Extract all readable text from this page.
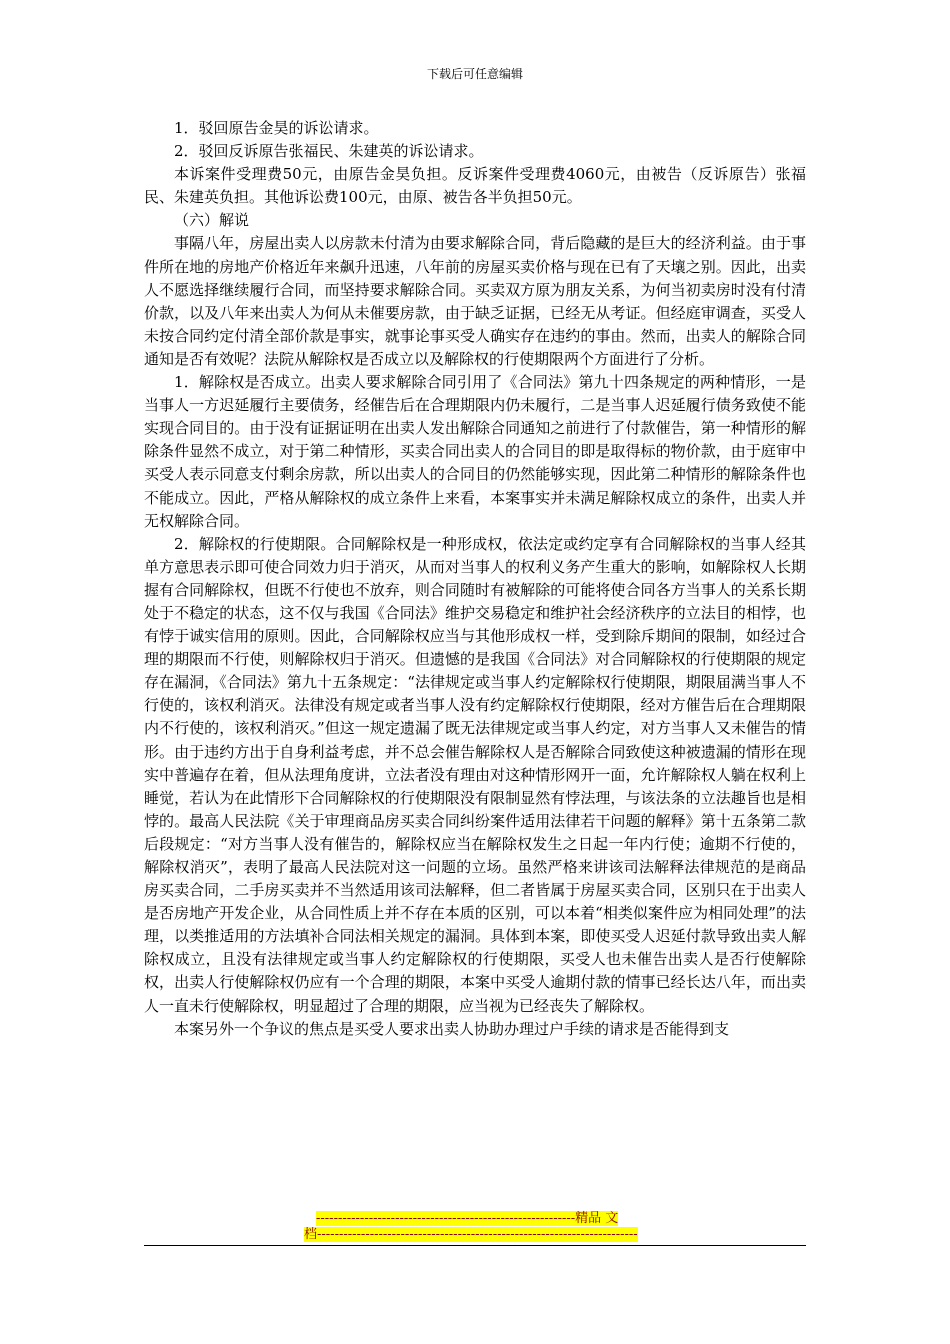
下载后可任意编辑

1．驳回原告金昊的诉讼请求。

2．驳回反诉原告张福民、朱建英的诉讼请求。

本诉案件受理费50元，由原告金昊负担。反诉案件受理费4060元，由被告（反诉原告）张福民、朱建英负担。其他诉讼费100元，由原、被告各半负担50元。

（六）解说

事隔八年，房屋出卖人以房款未付清为由要求解除合同，背后隐藏的是巨大的经济利益。由于事件所在地的房地产价格近年来飙升迅速，八年前的房屋买卖价格与现在已有了天壤之别。因此，出卖人不愿选择继续履行合同，而坚持要求解除合同。买卖双方原为朋友关系，为何当初卖房时没有付清价款，以及八年来出卖人为何从未催要房款，由于缺乏证据，已经无从考证。但经庭审调查，买受人未按合同约定付清全部价款是事实，就事论事买受人确实存在违约的事由。然而，出卖人的解除合同通知是否有效呢？法院从解除权是否成立以及解除权的行使期限两个方面进行了分析。

1．解除权是否成立。出卖人要求解除合同引用了《合同法》第九十四条规定的两种情形，一是当事人一方迟延履行主要债务，经催告后在合理期限内仍未履行，二是当事人迟延履行债务致使不能实现合同目的。由于没有证据证明在出卖人发出解除合同通知之前进行了付款催告，第一种情形的解除条件显然不成立，对于第二种情形，买卖合同出卖人的合同目的即是取得标的物价款，由于庭审中买受人表示同意支付剩余房款，所以出卖人的合同目的仍然能够实现，因此第二种情形的解除条件也不能成立。因此，严格从解除权的成立条件上来看，本案事实并未满足解除权成立的条件，出卖人并无权解除合同。

2．解除权的行使期限。合同解除权是一种形成权，依法定或约定享有合同解除权的当事人经其单方意思表示即可使合同效力归于消灭，从而对当事人的权利义务产生重大的影响，如解除权人长期握有合同解除权，但既不行使也不放弃，则合同随时有被解除的可能将使合同各方当事人的关系长期处于不稳定的状态，这不仅与我国《合同法》维护交易稳定和维护社会经济秩序的立法目的相悖，也有悖于诚实信用的原则。因此，合同解除权应当与其他形成权一样，受到除斥期间的限制，如经过合理的期限而不行使，则解除权归于消灭。但遗憾的是我国《合同法》对合同解除权的行使期限的规定存在漏洞，《合同法》第九十五条规定：“法律规定或当事人约定解除权行使期限，期限届满当事人不行使的，该权利消灭。法律没有规定或者当事人没有约定解除权行使期限，经对方催告后在合理期限内不行使的，该权利消灭。”但这一规定遗漏了既无法律规定或当事人约定，对方当事人又未催告的情形。由于违约方出于自身利益考虑，并不总会催告解除权人是否解除合同致使这种被遗漏的情形在现实中普遍存在着，但从法理角度讲，立法者没有理由对这种情形网开一面，允许解除权人躺在权利上睡觉，若认为在此情形下合同解除权的行使期限没有限制显然有悖法理，与该法条的立法趣旨也是相悖的。最高人民法院《关于审理商品房买卖合同纠纷案件适用法律若干问题的解释》第十五条第二款后段规定：“对方当事人没有催告的，解除权应当在解除权发生之日起一年内行使；逾期不行使的，解除权消灭”，表明了最高人民法院对这一问题的立场。虽然严格来讲该司法解释法律规范的是商品房买卖合同，二手房买卖并不当然适用该司法解释，但二者皆属于房屋买卖合同，区别只在于出卖人是否房地产开发企业，从合同性质上并不存在本质的区别，可以本着“相类似案件应为相同处理”的法理，以类推适用的方法填补合同法相关规定的漏洞。具体到本案，即使买受人迟延付款导致出卖人解除权成立，且没有法律规定或当事人约定解除权的行使期限，买受人也未催告出卖人是否行使解除权，出卖人行使解除权仍应有一个合理的期限，本案中买受人逾期付款的情事已经长达八年，而出卖人一直未行使解除权，明显超过了合理的期限，应当视为已经丧失了解除权。

本案另外一个争议的焦点是买受人要求出卖人协助办理过户手续的请求是否能得到支

-----------------------------------------------------------精品 文
档-------------------------------------------------------------------------
